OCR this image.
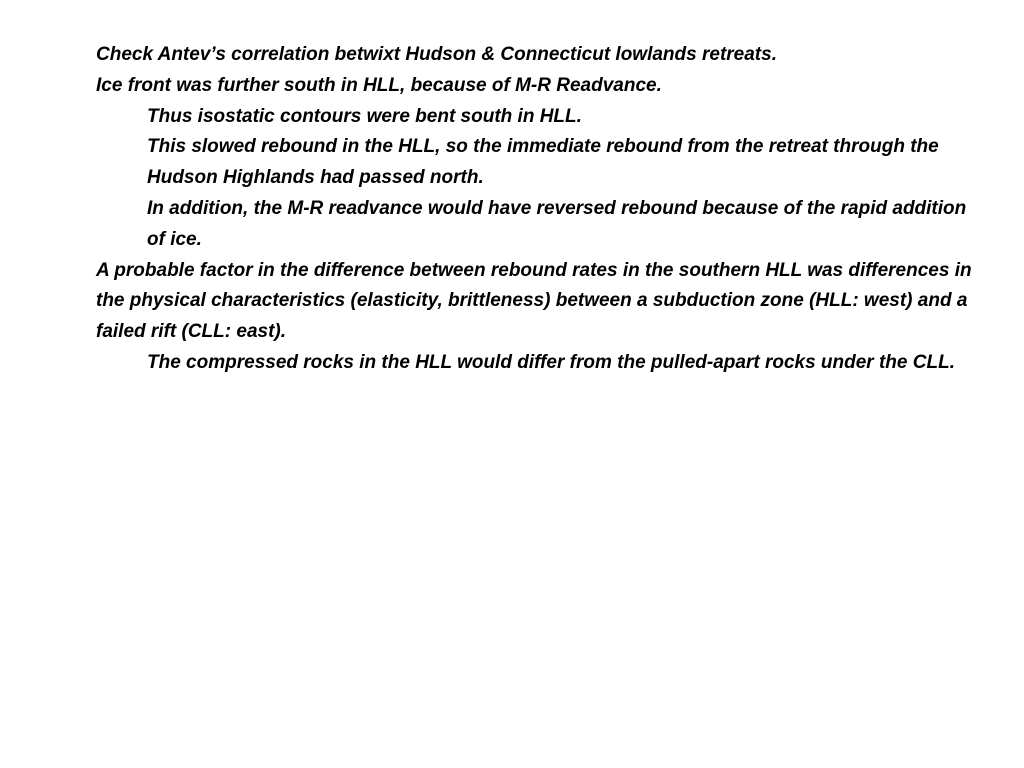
Check Antev’s correlation betwixt Hudson & Connecticut lowlands retreats.

Ice front was further south in HLL, because of M-R Readvance.

Thus isostatic contours were bent south in HLL.

This slowed rebound in the HLL, so the immediate rebound from the retreat through the Hudson Highlands had passed north.

In addition, the M-R readvance would have reversed rebound because of the rapid addition of ice.

A probable factor in the difference between rebound rates in the southern HLL was differences in the physical characteristics (elasticity, brittleness) between a subduction zone (HLL: west) and a failed rift (CLL: east).

The compressed rocks in the HLL would differ from the pulled-apart rocks under the CLL.
